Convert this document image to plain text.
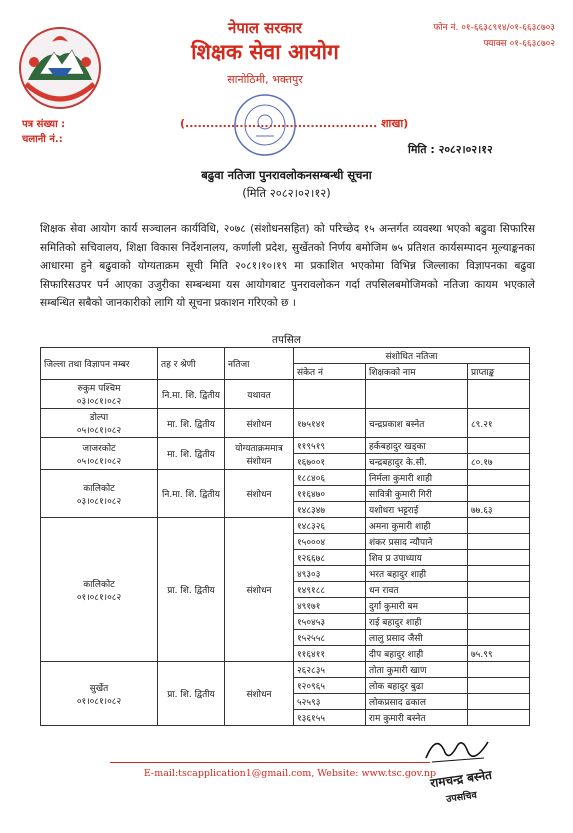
नेपाल सरकार
शिक्षक सेवा आयोग
सानोठिमी, भक्तपुर
फोन नं. ०१-६६३८९१४/०१-६६३८७०३
फ्याक्स ०१-६६३८७०२
पत्र संख्या :
चलानी नं.:
(.............................................. शाखा)
मिति : २०८२।०२।१२
बढुवा नतिजा पुनरावलोकनसम्बन्धी सूचना
(मिति २०८२।०२।१२)
शिक्षक सेवा आयोग कार्य सञ्चालन कार्यविधि, २०७८ (संशोधनसहित) को परिच्छेद १५ अन्तर्गत व्यवस्था भएको बढुवा सिफारिस समितिको सचिवालय, शिक्षा विकास निर्देशनालय, कर्णाली प्रदेश, सुर्खेतको निर्णय बमोजिम ७५ प्रतिशत कार्यसम्पादन मूल्याङ्कनका आधारमा हुने बढुवाको योग्यताक्रम सूची मिति २०८१।१०।१९ मा प्रकाशित भएकोमा विभिन्न जिल्लाका विज्ञापनका बढुवा सिफारिसउपर पर्न आएका उजुरीका सम्बन्धमा यस आयोगबाट पुनरावलोकन गर्दा तपसिलबमोजिमको नतिजा कायम भएकाले सम्बन्धित सबैको जानकारीको लागि यो सूचना प्रकाशन गरिएको छ ।
तपसिल
जिल्ला तथा विज्ञापन नम्बर	तह र श्रेणी	नतिजा	संशोधित नतिजा		
			संकेत नं	शिक्षकको नाम	प्राप्ताङ्क

रुकुम पश्चिम
०३।०८१।०८२	नि.मा. शि. द्वितीय	यथावत			

डोल्पा
०५।०८१।०८२	मा. शि. द्वितीय	संशोधन	१७५१४१	चन्द्रप्रकाश बस्नेत	८९.२१

जाजरकोट
०५।०८१।०८२	मा. शि. द्वितीय	योग्यताक्रममात्र संशोधन	११९५१९	हर्कबहादुर खड्का	
			१६७००१	चन्द्रबहादुर के.सी.	८०.१७

कालिकोट
०३।०८१।०८२	नि.मा. शि. द्वितीय	संशोधन	१८८४०६	निर्मला कुमारी शाही	
			११६४७०	सावित्री कुमारी गिरी	
			१४८३४७	यशोधरा भट्टराई	७७.६३

कालिकोट
०१।०८१।०८२	प्रा. शि. द्वितीय	संशोधन	१४८३२६	अमना कुमारी शाही	
			१५०००४	शंकर प्रसाद न्यौपाने	
			१२६६७८	शिव प्र उपाध्याय	
			४९३०३	भरत बहादुर शाही	
			१४९१८८	धन रावत	
			४९१७१	दुर्गा कुमारी बम	
			१५०४५३	राई बहादुर शाही	
			१५२५५८	लालु प्रसाद जैसी	
			११६४११	दीप बहादुर शाही	७५.९९

सुर्खेत
०१।०८१।०८२	प्रा. शि. द्वितीय	संशोधन	२६२८३५	तोता कुमारी खाण	
			१२०९६५	लोक बहादुर बुढा	
			५२५९३	लोकप्रसाद ढकाल	
			१३६१५५	राम कुमारी बस्नेत	
रामचन्द्र बस्नेत
उपसचिव
E-mail:tscapplication1@gmail.com, Website: www.tsc.gov.np
